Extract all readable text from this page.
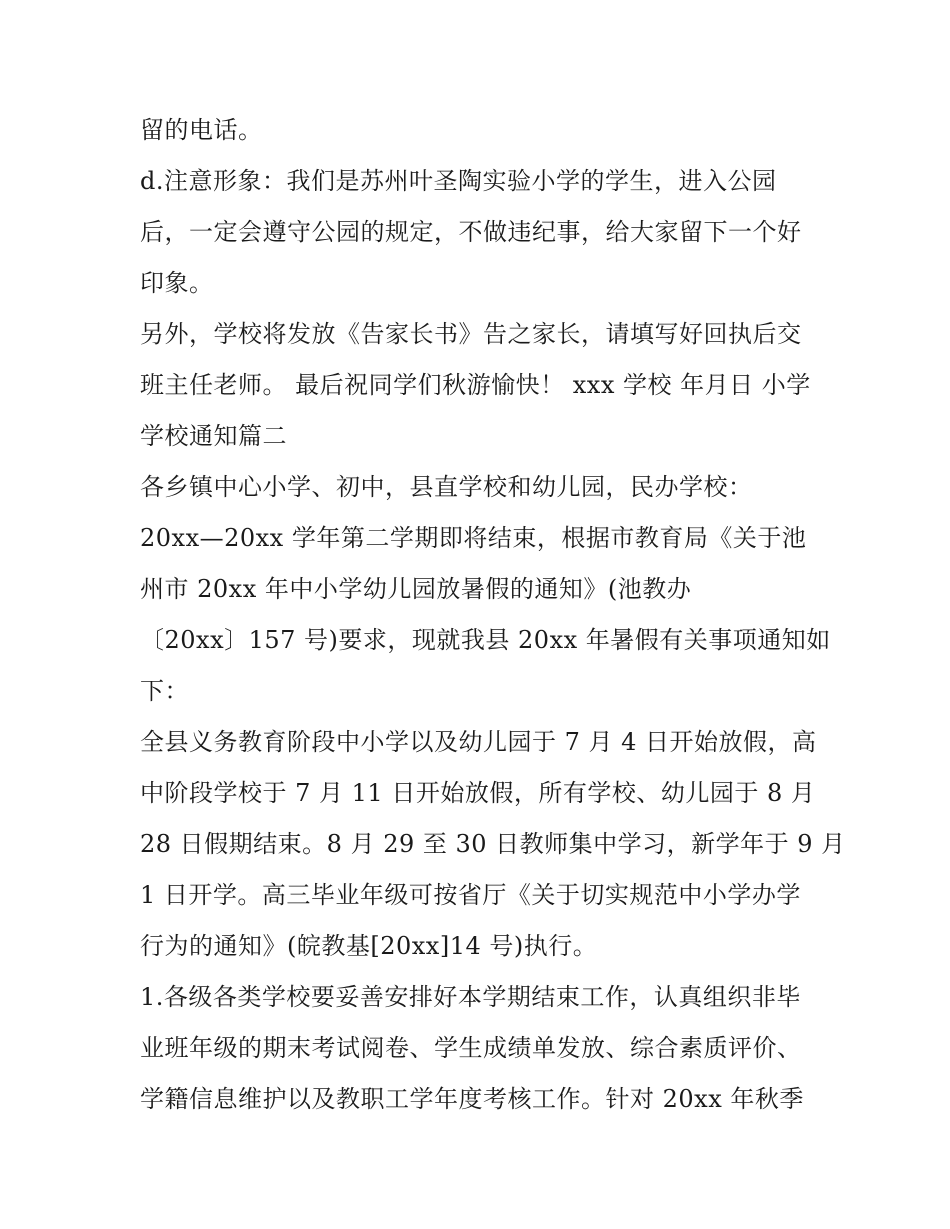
留的电话。
d.注意形象：我们是苏州叶圣陶实验小学的学生，进入公园
后，一定会遵守公园的规定，不做违纪事，给大家留下一个好
印象。
另外，学校将发放《告家长书》告之家长，请填写好回执后交
班主任老师。 最后祝同学们秋游愉快！ xxx 学校 年月日 小学
学校通知篇二
各乡镇中心小学、初中，县直学校和幼儿园，民办学校：
20xx—20xx 学年第二学期即将结束，根据市教育局《关于池
州市 20xx 年中小学幼儿园放暑假的通知》(池教办
〔20xx〕157 号)要求，现就我县 20xx 年暑假有关事项通知如
下：
全县义务教育阶段中小学以及幼儿园于 7 月 4 日开始放假，高
中阶段学校于 7 月 11 日开始放假，所有学校、幼儿园于 8 月
28 日假期结束。8 月 29 至 30 日教师集中学习，新学年于 9 月
1 日开学。高三毕业年级可按省厅《关于切实规范中小学办学
行为的通知》(皖教基[20xx]14 号)执行。
1.各级各类学校要妥善安排好本学期结束工作，认真组织非毕
业班年级的期末考试阅卷、学生成绩单发放、综合素质评价、
学籍信息维护以及教职工学年度考核工作。针对 20xx 年秋季
